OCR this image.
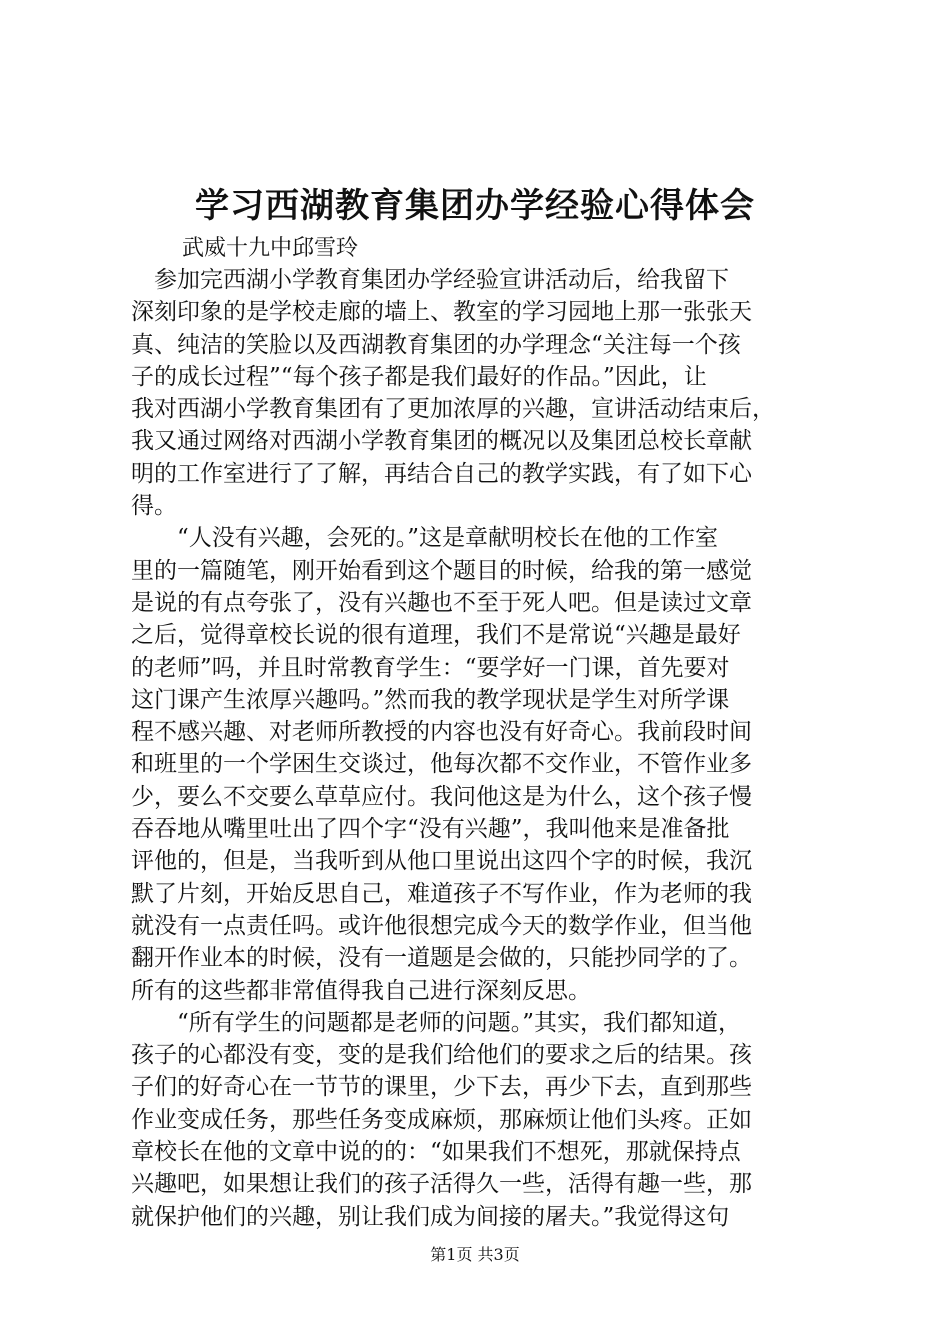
学习西湖教育集团办学经验心得体会
武威十九中邱雪玲
　参加完西湖小学教育集团办学经验宣讲活动后，给我留下
深刻印象的是学校走廊的墙上、教室的学习园地上那一张张天
真、纯洁的笑脸以及西湖教育集团的办学理念“关注每一个孩
子的成长过程”“每个孩子都是我们最好的作品。”因此，让
我对西湖小学教育集团有了更加浓厚的兴趣，宣讲活动结束后，
我又通过网络对西湖小学教育集团的概况以及集团总校长章献
明的工作室进行了了解，再结合自己的教学实践，有了如下心
得。
　　“人没有兴趣，会死的。”这是章献明校长在他的工作室
里的一篇随笔，刚开始看到这个题目的时候，给我的第一感觉
是说的有点夸张了，没有兴趣也不至于死人吧。但是读过文章
之后，觉得章校长说的很有道理，我们不是常说“兴趣是最好
的老师”吗，并且时常教育学生：“要学好一门课，首先要对
这门课产生浓厚兴趣吗。”然而我的教学现状是学生对所学课
程不感兴趣、对老师所教授的内容也没有好奇心。我前段时间
和班里的一个学困生交谈过，他每次都不交作业，不管作业多
少，要么不交要么草草应付。我问他这是为什么，这个孩子慢
吞吞地从嘴里吐出了四个字“没有兴趣”，我叫他来是准备批
评他的，但是，当我听到从他口里说出这四个字的时候，我沉
默了片刻，开始反思自己，难道孩子不写作业，作为老师的我
就没有一点责任吗。或许他很想完成今天的数学作业，但当他
翻开作业本的时候，没有一道题是会做的，只能抄同学的了。
所有的这些都非常值得我自己进行深刻反思。
　　“所有学生的问题都是老师的问题。”其实，我们都知道，
孩子的心都没有变，变的是我们给他们的要求之后的结果。孩
子们的好奇心在一节节的课里，少下去，再少下去，直到那些
作业变成任务，那些任务变成麻烦，那麻烦让他们头疼。正如
章校长在他的文章中说的的：“如果我们不想死，那就保持点
兴趣吧，如果想让我们的孩子活得久一些，活得有趣一些，那
就保护他们的兴趣，别让我们成为间接的屠夫。”我觉得这句
第1页 共3页
